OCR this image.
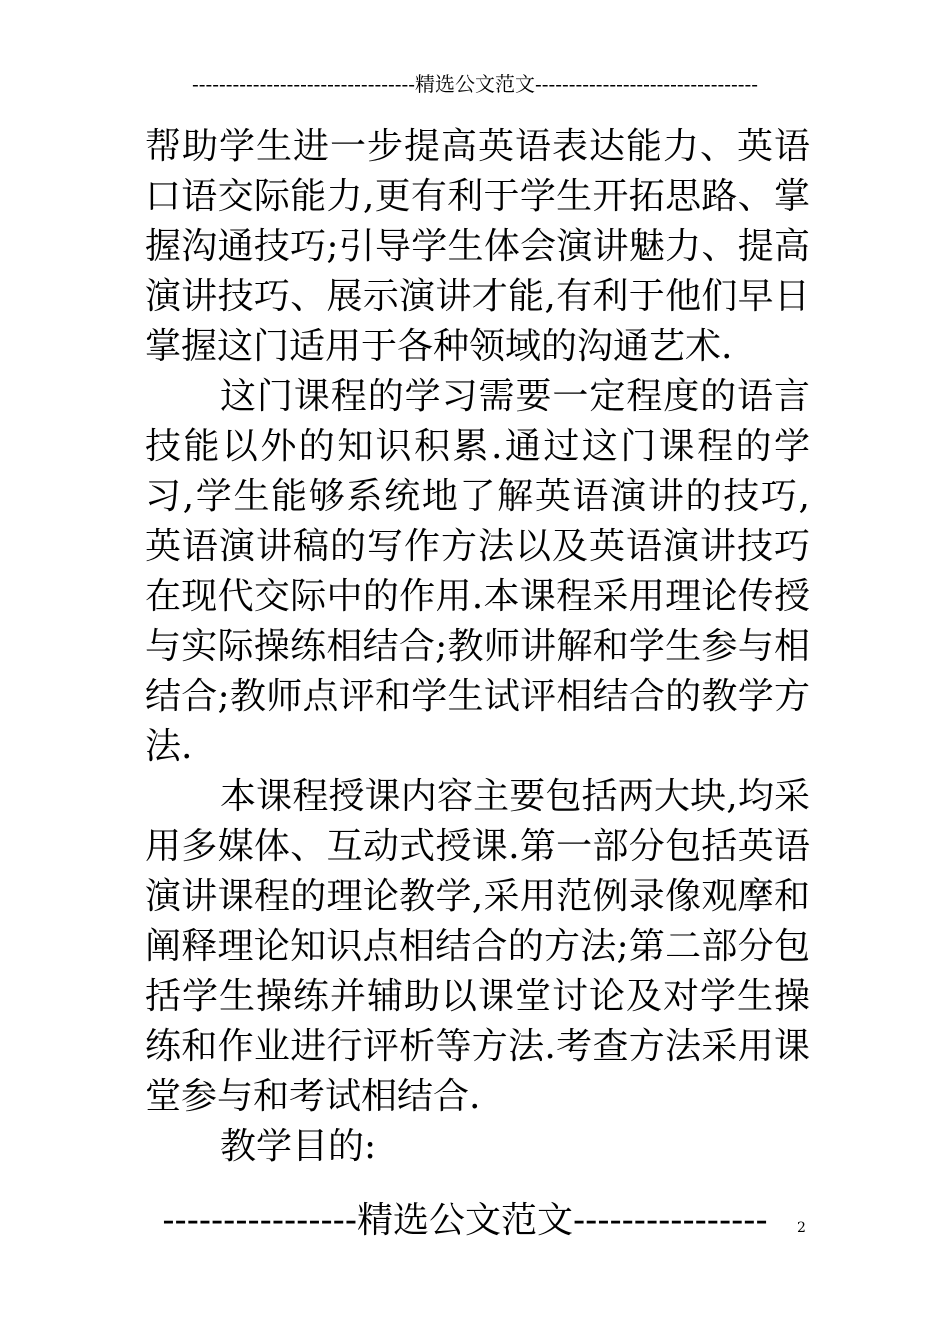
---------------------------------精选公文范文---------------------------------

帮助学生进一步提高英语表达能力、英语口语交际能力,更有利于学生开拓思路、掌握沟通技巧;引导学生体会演讲魅力、提高演讲技巧、展示演讲才能,有利于他们早日掌握这门适用于各种领域的沟通艺术.

这门课程的学习需要一定程度的语言技能以外的知识积累.通过这门课程的学习,学生能够系统地了解英语演讲的技巧,英语演讲稿的写作方法以及英语演讲技巧在现代交际中的作用.本课程采用理论传授与实际操练相结合;教师讲解和学生参与相结合;教师点评和学生试评相结合的教学方法.

本课程授课内容主要包括两大块,均采用多媒体、互动式授课.第一部分包括英语演讲课程的理论教学,采用范例录像观摩和阐释理论知识点相结合的方法;第二部分包括学生操练并辅助以课堂讨论及对学生操练和作业进行评析等方法.考查方法采用课堂参与和考试相结合.

教学目的:

----------------精选公文范文----------------	2
